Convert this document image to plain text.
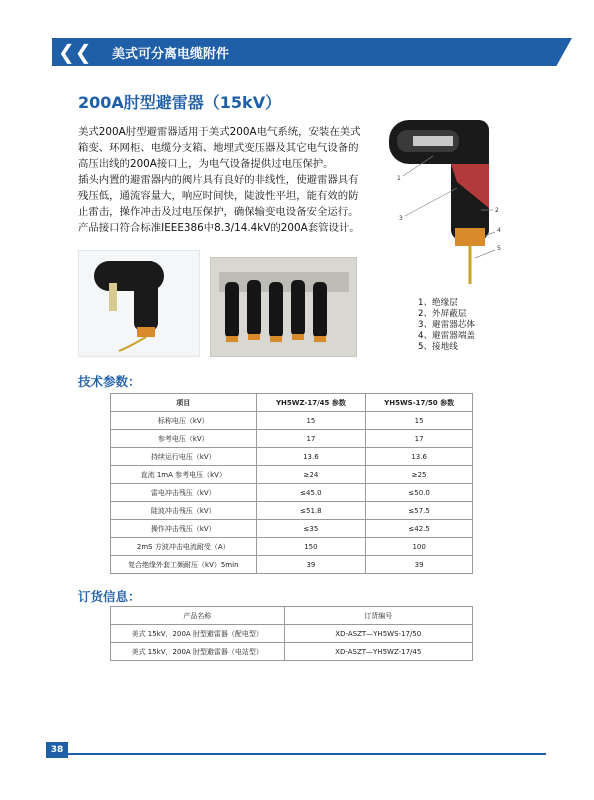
❮❮ 美式可分离电缆附件
200A肘型避雷器（15kV）

美式200A肘型避雷器适用于美式200A电气系统，安装在美式箱变、环网柜、电缆分支箱、地埋式变压器及其它电气设备的高压出线的200A接口上，为电气设备提供过电压保护。

插头内置的避雷器内的阀片具有良好的非线性，使避雷器具有残压低，通流容量大，响应时间快，陡波性平坦，能有效的防止雷击，操作冲击及过电压保护，确保输变电设备安全运行。

产品接口符合标准IEEE386中8.3/14.4kV的200A套管设计。

1
2
3
4
5
1、绝缘层
2、外屏蔽层
3、避雷器芯体
4、避雷器端盖
5、接地线
技术参数：
项目	YH5WZ-17/45 参数	YH5WS-17/50 参数
标称电压（kV）	15	15
参考电压（kV）	17	17
持续运行电压（kV）	13.6	13.6
直流 1mA 参考电压（kV）	≥24	≥25
雷电冲击残压（kV）	≤45.0	≤50.0
陡波冲击残压（kV）	≤51.8	≤57.5
操作冲击残压（kV）	≤35	≤42.5
2mS 方波冲击电流耐受（A）	150	100
复合绝缘外套工频耐压（kV）5min	39	39
订货信息：
产品名称	订货编号
美式 15kV，200A 肘型避雷器（配电型）	XD-ASZT—YH5WS-17/50
美式 15kV，200A 肘型避雷器（电站型）	XD-ASZT—YH5WZ-17/45
38
